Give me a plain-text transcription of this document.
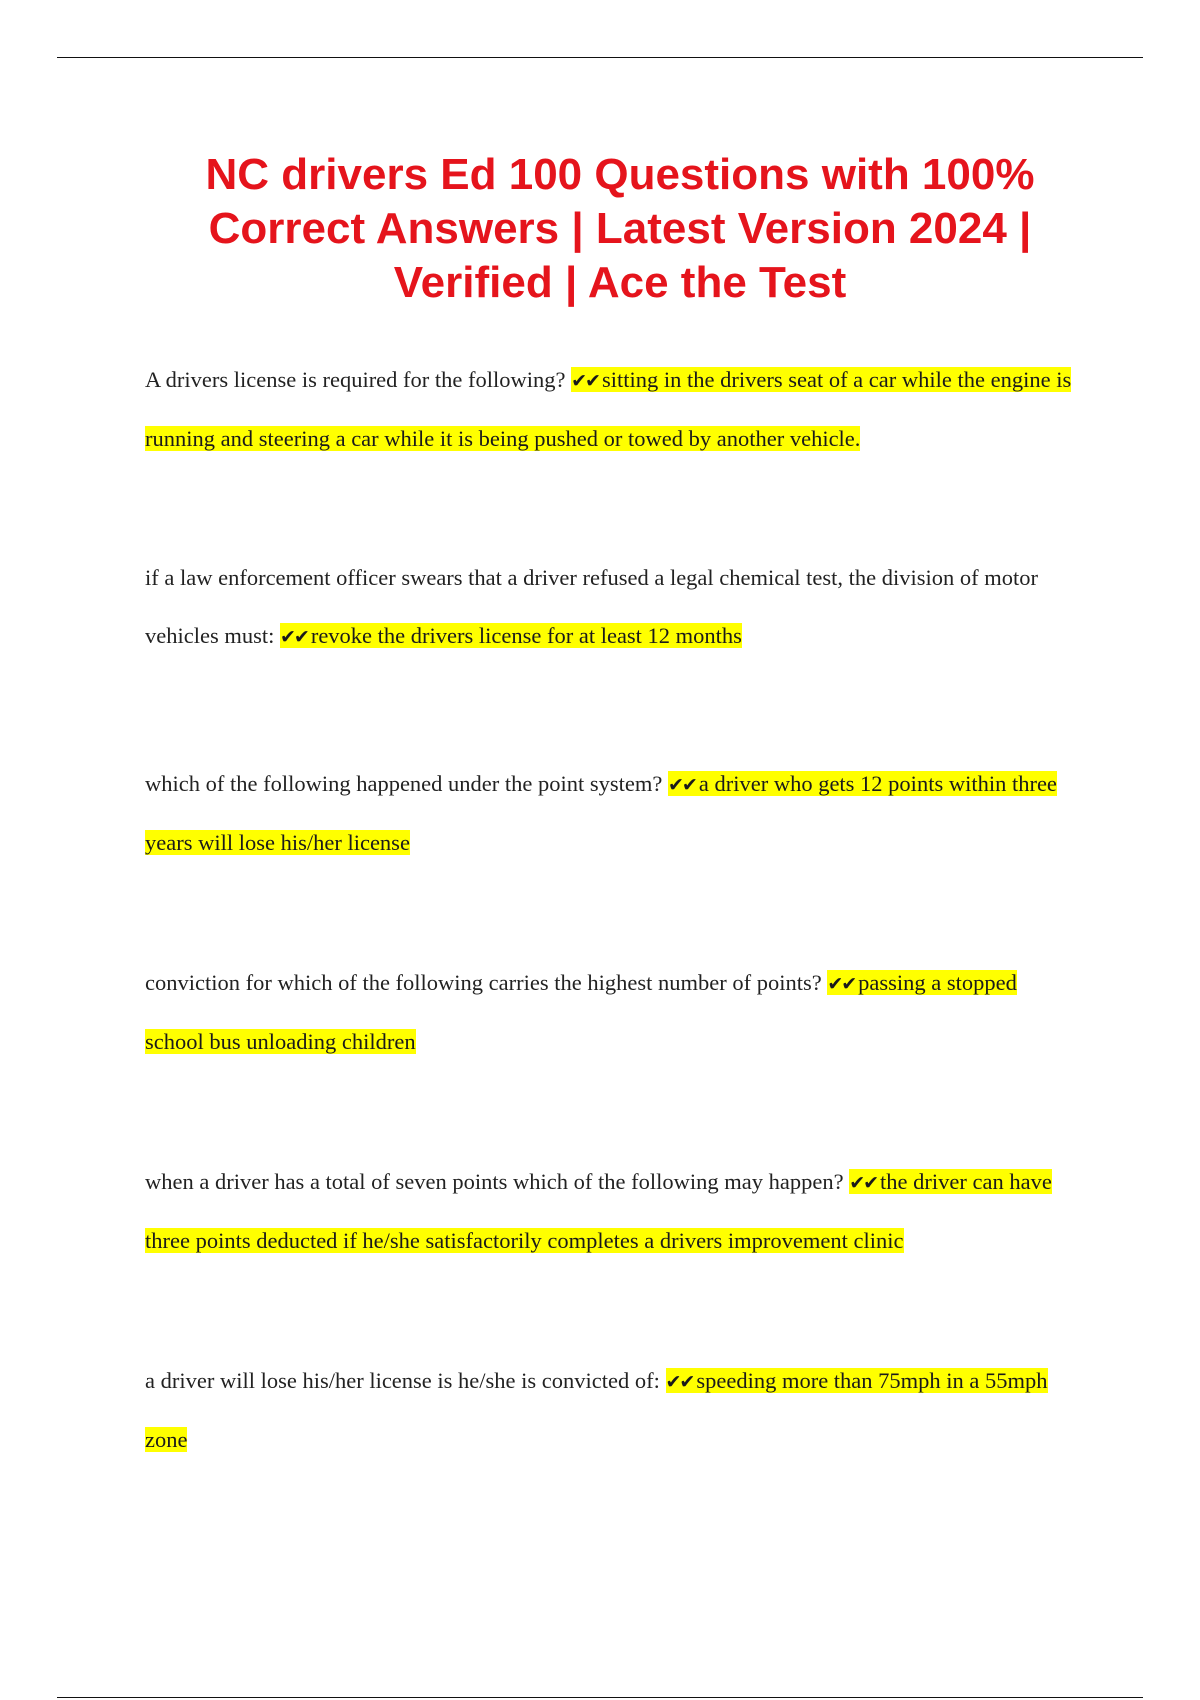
NC drivers Ed 100 Questions with 100% Correct Answers | Latest Version 2024 | Verified | Ace the Test

A drivers license is required for the following? ✔✔ sitting in the drivers seat of a car while the engine is running and steering a car while it is being pushed or towed by another vehicle.

if a law enforcement officer swears that a driver refused a legal chemical test, the division of motor vehicles must: ✔✔ revoke the drivers license for at least 12 months

which of the following happened under the point system? ✔✔ a driver who gets 12 points within three years will lose his/her license

conviction for which of the following carries the highest number of points? ✔✔ passing a stopped school bus unloading children

when a driver has a total of seven points which of the following may happen? ✔✔ the driver can have three points deducted if he/she satisfactorily completes a drivers improvement clinic

a driver will lose his/her license is he/she is convicted of: ✔✔ speeding more than 75mph in a 55mph zone
